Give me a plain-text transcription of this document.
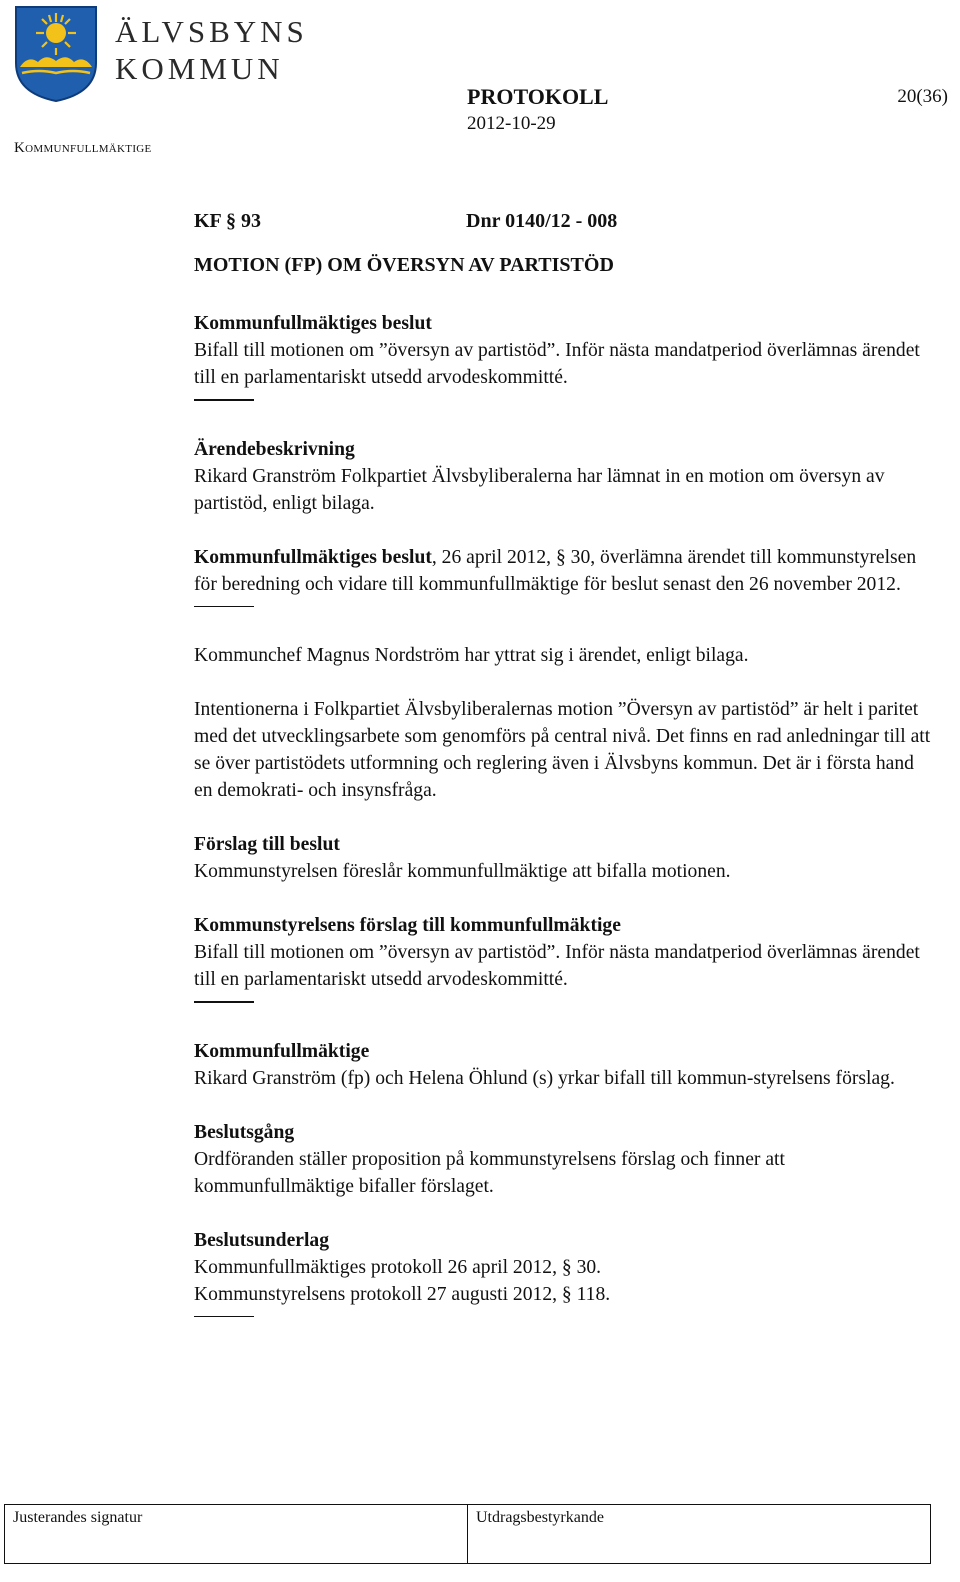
ÄLVSBYNS
KOMMUN
Kommunfullmäktige
PROTOKOLL	20(36)
2012-10-29
KF § 93	Dnr 0140/12 - 008

MOTION (FP) OM ÖVERSYN AV PARTISTÖD

Kommunfullmäktiges beslut

Bifall till motionen om ”översyn av partistöd”. Inför nästa mandatperiod överlämnas ärendet till en parlamentariskt utsedd arvodeskommitté.

Ärendebeskrivning

Rikard Granström Folkpartiet Älvsbyliberalerna har lämnat in en motion om översyn av partistöd, enligt bilaga.

Kommunfullmäktiges beslut, 26 april 2012, § 30, överlämna ärendet till kommunstyrelsen för beredning och vidare till kommunfullmäktige för beslut senast den 26 november 2012.

Kommunchef Magnus Nordström har yttrat sig i ärendet, enligt bilaga.

Intentionerna i Folkpartiet Älvsbyliberalernas motion ”Översyn av partistöd” är helt i paritet med det utvecklingsarbete som genomförs på central nivå. Det finns en rad anledningar till att se över partistödets utformning och reglering även i Älvsbyns kommun. Det är i första hand en demokrati- och insynsfråga.

Förslag till beslut

Kommunstyrelsen föreslår kommunfullmäktige att bifalla motionen.

Kommunstyrelsens förslag till kommunfullmäktige

Bifall till motionen om ”översyn av partistöd”. Inför nästa mandatperiod överlämnas ärendet till en parlamentariskt utsedd arvodeskommitté.

Kommunfullmäktige

Rikard Granström (fp) och Helena Öhlund (s) yrkar bifall till kommun-styrelsens förslag.

Beslutsgång

Ordföranden ställer proposition på kommunstyrelsens förslag och finner att kommunfullmäktige bifaller förslaget.

Beslutsunderlag

Kommunfullmäktiges protokoll 26 april 2012, § 30.

Kommunstyrelsens protokoll 27 augusti 2012, § 118.

Justerandes signatur	Utdragsbestyrkande
